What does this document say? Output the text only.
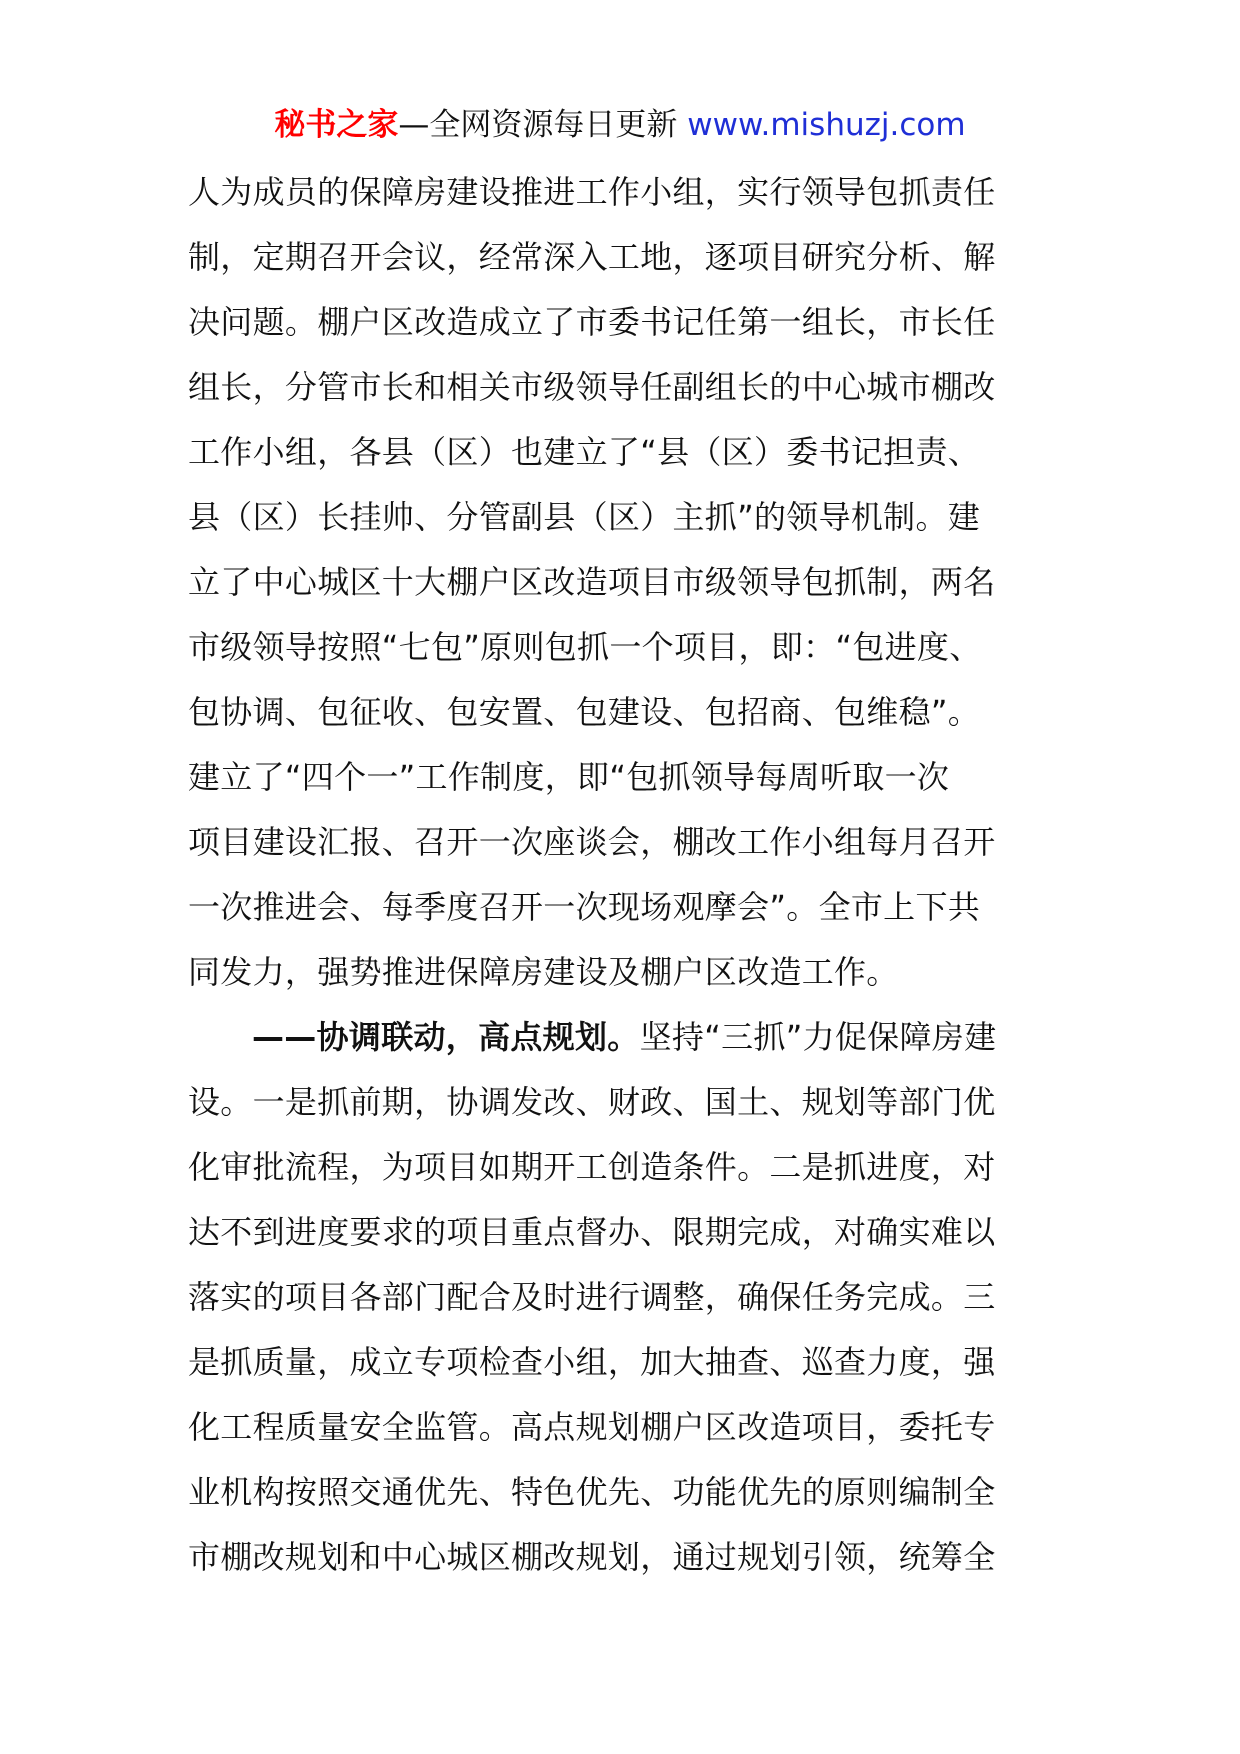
秘书之家—全网资源每日更新 www.mishuzj.com
人为成员的保障房建设推进工作小组，实行领导包抓责任
制，定期召开会议，经常深入工地，逐项目研究分析、解
决问题。棚户区改造成立了市委书记任第一组长，市长任
组长，分管市长和相关市级领导任副组长的中心城市棚改
工作小组，各县（区）也建立了“县（区）委书记担责、
县（区）长挂帅、分管副县（区）主抓”的领导机制。建
立了中心城区十大棚户区改造项目市级领导包抓制，两名
市级领导按照“七包”原则包抓一个项目，即：“包进度、
包协调、包征收、包安置、包建设、包招商、包维稳”。
建立了“四个一”工作制度，即“包抓领导每周听取一次
项目建设汇报、召开一次座谈会，棚改工作小组每月召开
一次推进会、每季度召开一次现场观摩会”。全市上下共
同发力，强势推进保障房建设及棚户区改造工作。
——协调联动，高点规划。坚持“三抓”力促保障房建
设。一是抓前期，协调发改、财政、国土、规划等部门优
化审批流程，为项目如期开工创造条件。二是抓进度，对
达不到进度要求的项目重点督办、限期完成，对确实难以
落实的项目各部门配合及时进行调整，确保任务完成。三
是抓质量，成立专项检查小组，加大抽查、巡查力度，强
化工程质量安全监管。高点规划棚户区改造项目，委托专
业机构按照交通优先、特色优先、功能优先的原则编制全
市棚改规划和中心城区棚改规划，通过规划引领，统筹全
